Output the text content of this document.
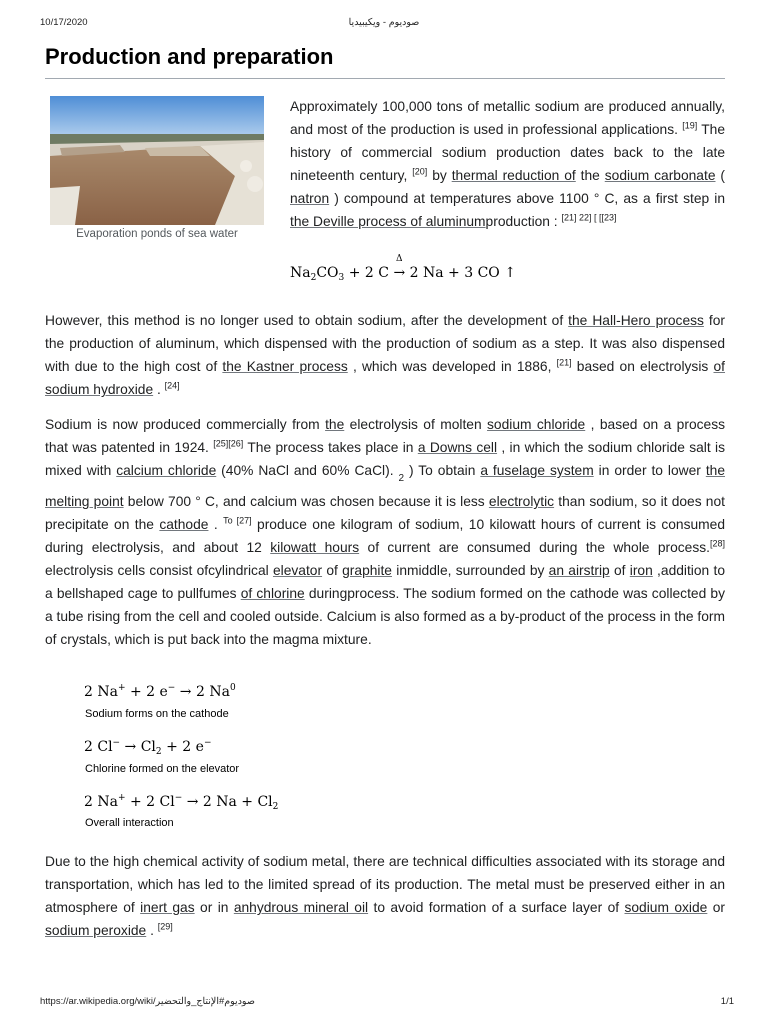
10/17/2020	صوديوم - ويكيبيديا
Production and preparation
Evaporation ponds of sea water

Approximately 100,000 tons of metallic sodium are produced annually, and most of the production is used in professional applications. [19] The history of commercial sodium production dates back to the late nineteenth century, [20] by thermal reduction of the sodium carbonate ( natron ) compound at temperatures above 1100 ° C, as a first step in the Deville process of aluminumproduction : [21] 22] [ [[23]

$Na_2CO_3 + 2$ C →
Δ
2 Na + 3 CO ↑

However, this method is no longer used to obtain sodium, after the development of the Hall-Hero process for the production of aluminum, which dispensed with the production of sodium as a step. It was also dispensed with due to the high cost of the Kastner process , which was developed in 1886, [21] based on electrolysis of sodium hydroxide . [24]

Sodium is now produced commercially from the electrolysis of molten sodium chloride , based on a process that was patented in 1924. [25][26] The process takes place in a Downs cell , in which the sodium chloride salt is mixed with calcium chloride (40% NaCl and 60% CaCl). $_2$ ) To obtain a fuselage system in order to lower the melting point below 700 ° C, and calcium was chosen because it is less electrolytic than sodium, so it does not precipitate on the cathode . $^{To [27]}$ produce one kilogram of sodium, 10 kilowatt hours of current is consumed during electrolysis, and about 12 kilowatt hours of current are consumed during the whole process.[28] electrolysis cells consist ofcylindrical elevator of graphite inmiddle, surrounded by an airstrip of iron ,addition to a bellshaped cage to pullfumes of chlorine duringprocess. The sodium formed on the cathode was collected by a tube rising from the cell and cooled outside. Calcium is also formed as a by-product of the process in the form of crystals, which is put back into the magma mixture.

2 Na+ + 2 e− → 2 Na$^0$
Sodium forms on the cathode
2 $Cl^- \to Cl_2 + 2$ e−
Chlorine formed on the elevator
2 Na+ + 2 Cl− → 2 $Na + Cl_2$
Overall interaction

Due to the high chemical activity of sodium metal, there are technical difficulties associated with its storage and transportation, which has led to the limited spread of its production. The metal must be preserved either in an atmosphere of inert gas or in anhydrous mineral oil to avoid formation of a surface layer of sodium oxide or sodium peroxide . [29]

https://ar.wikipedia.org/wiki/صوديوم#الإنتاج_والتحضير	1/1
